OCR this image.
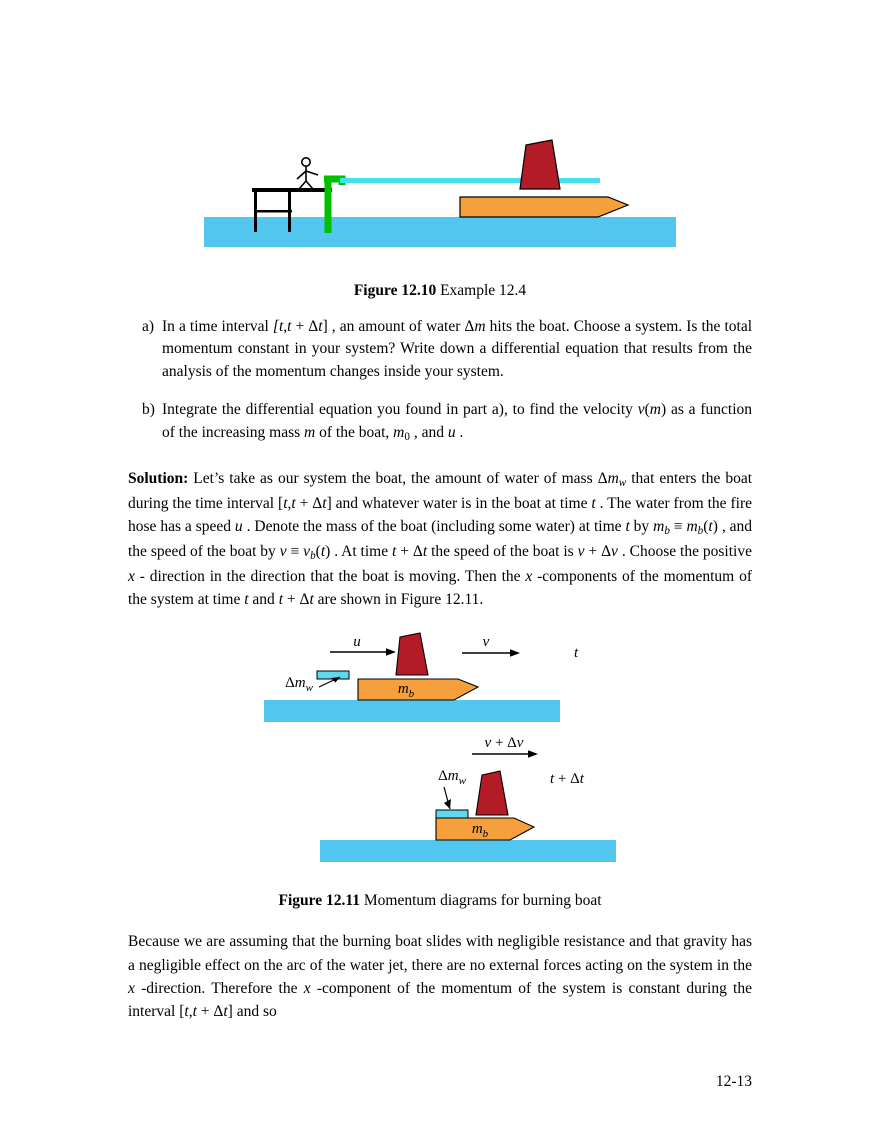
Figure 12.10 Example 12.4
a) In a time interval [t,t + Δt] , an amount of water Δm hits the boat. Choose a system. Is the total momentum constant in your system? Write down a differential equation that results from the analysis of the momentum changes inside your system.
b) Integrate the differential equation you found in part a), to find the velocity v(m) as a function of the increasing mass m of the boat, $m_0$ , and u .
Solution: Let’s take as our system the boat, the amount of water of mass $\Delta m_w$ that enters the boat during the time interval [t,t + Δt] and whatever water is in the boat at time t . The water from the fire hose has a speed u . Denote the mass of the boat (including some water) at time t by $m_b \equiv m_b(t)$ , and the speed of the boat by $v \equiv v_b(t)$ . At time t + Δt the speed of the boat is v + Δv . Choose the positive x - direction in the direction that the boat is moving. Then the x -components of the momentum of the system at time t and t + Δt are shown in Figure 12.11.
u
$\Delta m_w$	$m_b$
v
t
v + Δv
$\Delta m_w$
$m_b$
t + Δt
Figure 12.11 Momentum diagrams for burning boat
Because we are assuming that the burning boat slides with negligible resistance and that gravity has a negligible effect on the arc of the water jet, there are no external forces acting on the system in the x -direction. Therefore the x -component of the momentum of the system is constant during the interval [t,t + Δt] and so
12-13
